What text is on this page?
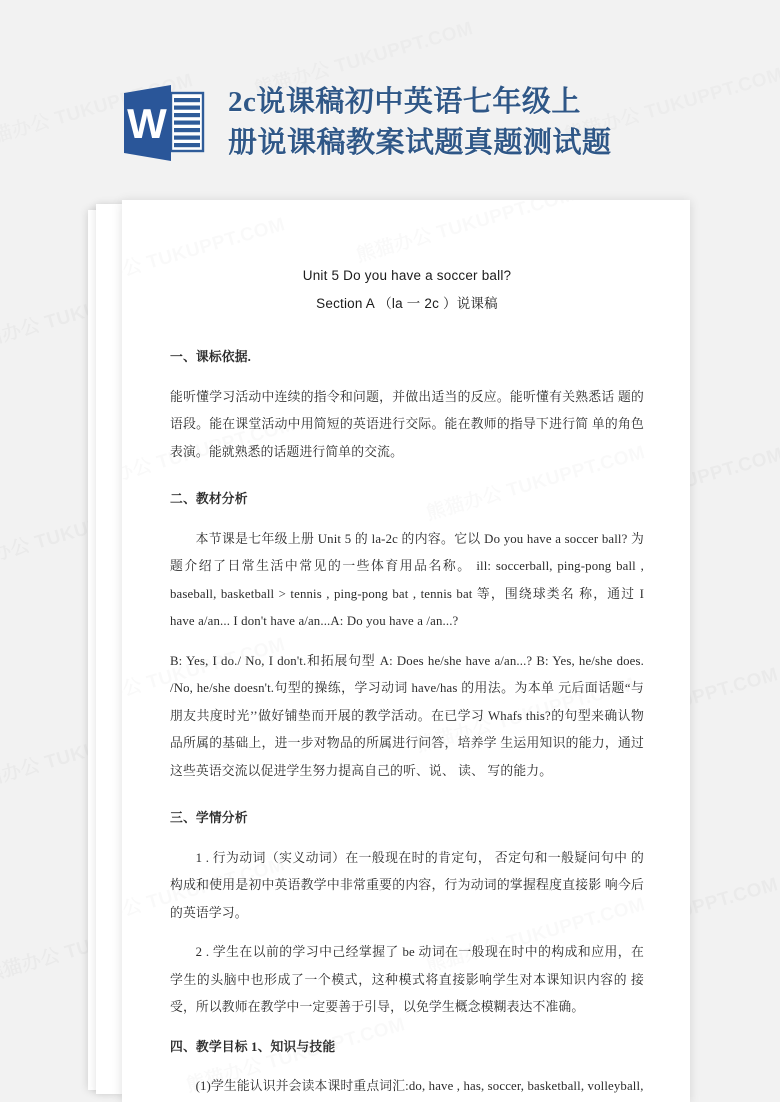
W 2c说课稿初中英语七年级上
册说课稿教案试题真题测试题
Unit 5 Do you have a soccer ball?
Section A （la 一 2c ）说课稿

一、课标依据.

能听懂学习活动中连续的指令和问题，并做出适当的反应。能听懂有关熟悉话 题的语段。能在课堂活动中用简短的英语进行交际。能在教师的指导下进行简 单的角色表演。能就熟悉的话题进行简单的交流。

二、教材分析

本节课是七年级上册 Unit 5 的 la-2c 的内容。它以 Do you have a soccer ball? 为题介绍了日常生活中常见的一些体育用品名称。 ill: soccerball, ping-pong ball , baseball, basketball > tennis , ping-pong bat , tennis bat 等，围绕球类名 称，通过 I have a/an... I don't have a/an...A: Do you have a /an...?

B: Yes, I do./ No, I don't.和拓展句型 A: Does he/she have a/an...? B: Yes, he/she does. /No, he/she doesn't.句型的操练，学习动词 have/has 的用法。为本单 元后面话题“与朋友共度时光’’做好铺垫而开展的教学活动。在已学习 Whafs this?的句型来确认物品所属的基础上，进一步对物品的所属进行问答，培养学 生运用知识的能力，通过这些英语交流以促进学生努力提高自己的听、说、 读、 写的能力。

三、学情分析

1 . 行为动词（实义动词）在一般现在时的肯定句， 否定句和一般疑问句中 的构成和使用是初中英语教学中非常重要的内容，行为动词的掌握程度直接影 响今后的英语学习。

2 . 学生在以前的学习中己经掌握了 be 动词在一般现在时中的构成和应用，在学生的头脑中也形成了一个模式，这种模式将直接影响学生对本课知识内容的 接受，所以教师在教学中一定要善于引导，以免学生概念模糊表达不准确。

四、教学目标 1、知识与技能

(1)学生能认识并会读本课时重点词汇:do, have , has, soccer, basketball, volleyball,
